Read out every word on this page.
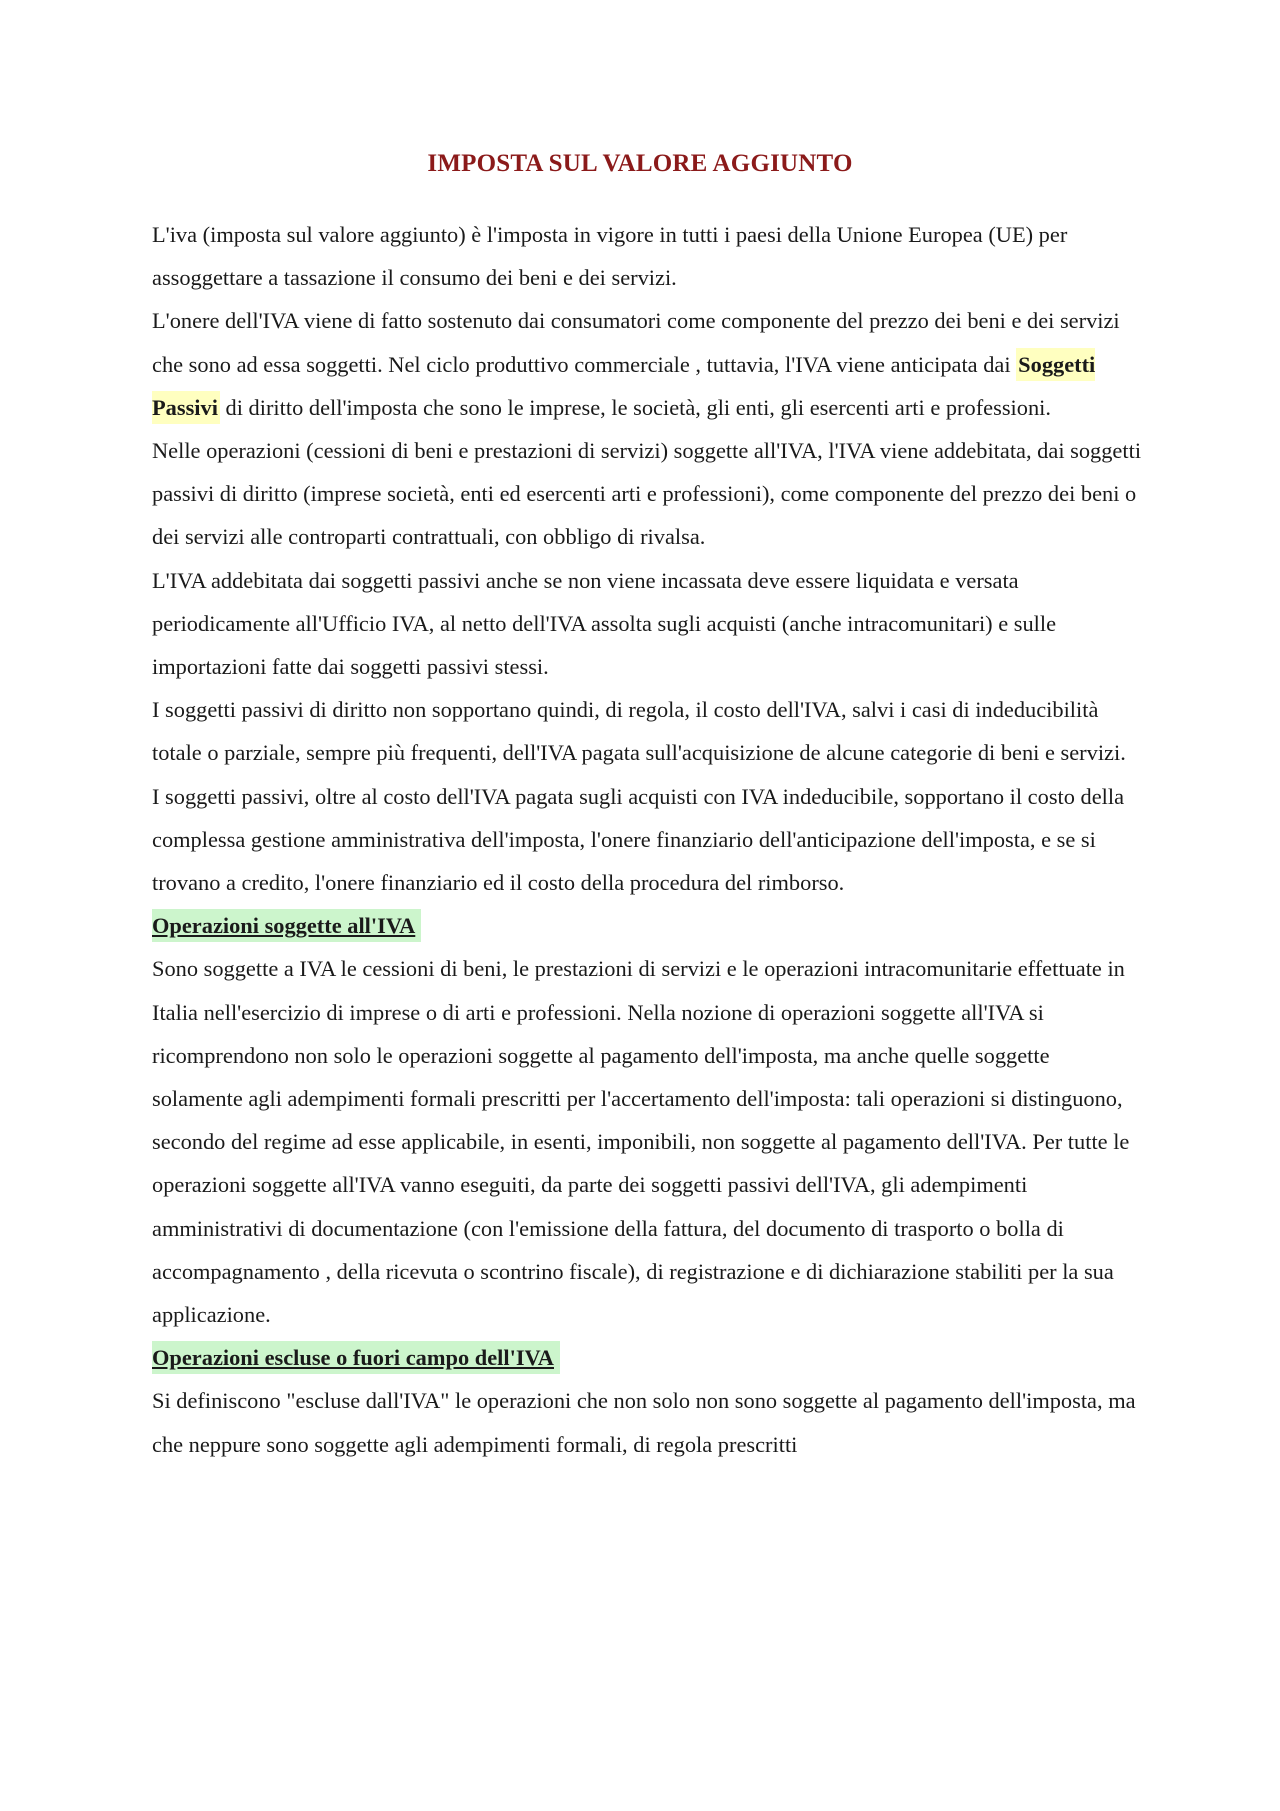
IMPOSTA SUL VALORE AGGIUNTO

L'iva (imposta sul valore aggiunto) è l'imposta in vigore in tutti i paesi della Unione Europea (UE) per assoggettare a tassazione il consumo dei beni e dei servizi.

L'onere dell'IVA viene di fatto sostenuto dai consumatori come componente del prezzo dei beni e dei servizi che sono ad essa soggetti. Nel ciclo produttivo commerciale , tuttavia, l'IVA viene anticipata dai Soggetti Passivi di diritto dell'imposta che sono le imprese, le società, gli enti, gli esercenti arti e professioni.

Nelle operazioni (cessioni di beni e prestazioni di servizi) soggette all'IVA, l'IVA viene addebitata, dai soggetti passivi di diritto (imprese società, enti ed esercenti arti e professioni), come componente del prezzo dei beni o dei servizi alle controparti contrattuali, con obbligo di rivalsa.

L'IVA addebitata dai soggetti passivi anche se non viene incassata deve essere liquidata e versata periodicamente all'Ufficio IVA, al netto dell'IVA assolta sugli acquisti (anche intracomunitari) e sulle importazioni fatte dai soggetti passivi stessi.

I soggetti passivi di diritto non sopportano quindi, di regola, il costo dell'IVA, salvi i casi di indeducibilità totale o parziale, sempre più frequenti, dell'IVA pagata sull'acquisizione de alcune categorie di beni e servizi.

I soggetti passivi, oltre al costo dell'IVA pagata sugli acquisti con IVA indeducibile, sopportano il costo della complessa gestione amministrativa dell'imposta, l'onere finanziario dell'anticipazione dell'imposta, e se si trovano a credito, l'onere finanziario ed il costo della procedura del rimborso.

Operazioni soggette all'IVA

Sono soggette a IVA le cessioni di beni, le prestazioni di servizi e le operazioni intracomunitarie effettuate in Italia nell'esercizio di imprese o di arti e professioni. Nella nozione di operazioni soggette all'IVA si ricomprendono non solo le operazioni soggette al pagamento dell'imposta, ma anche quelle soggette solamente agli adempimenti formali prescritti per l'accertamento dell'imposta: tali operazioni si distinguono, secondo del regime ad esse applicabile, in esenti, imponibili, non soggette al pagamento dell'IVA. Per tutte le operazioni soggette all'IVA vanno eseguiti, da parte dei soggetti passivi dell'IVA, gli adempimenti amministrativi di documentazione (con l'emissione della fattura, del documento di trasporto o bolla di accompagnamento , della ricevuta o scontrino fiscale), di registrazione e di dichiarazione stabiliti per la sua applicazione.

Operazioni escluse o fuori campo dell'IVA

Si definiscono "escluse dall'IVA" le operazioni che non solo non sono soggette al pagamento dell'imposta, ma che neppure sono soggette agli adempimenti formali, di regola prescritti
